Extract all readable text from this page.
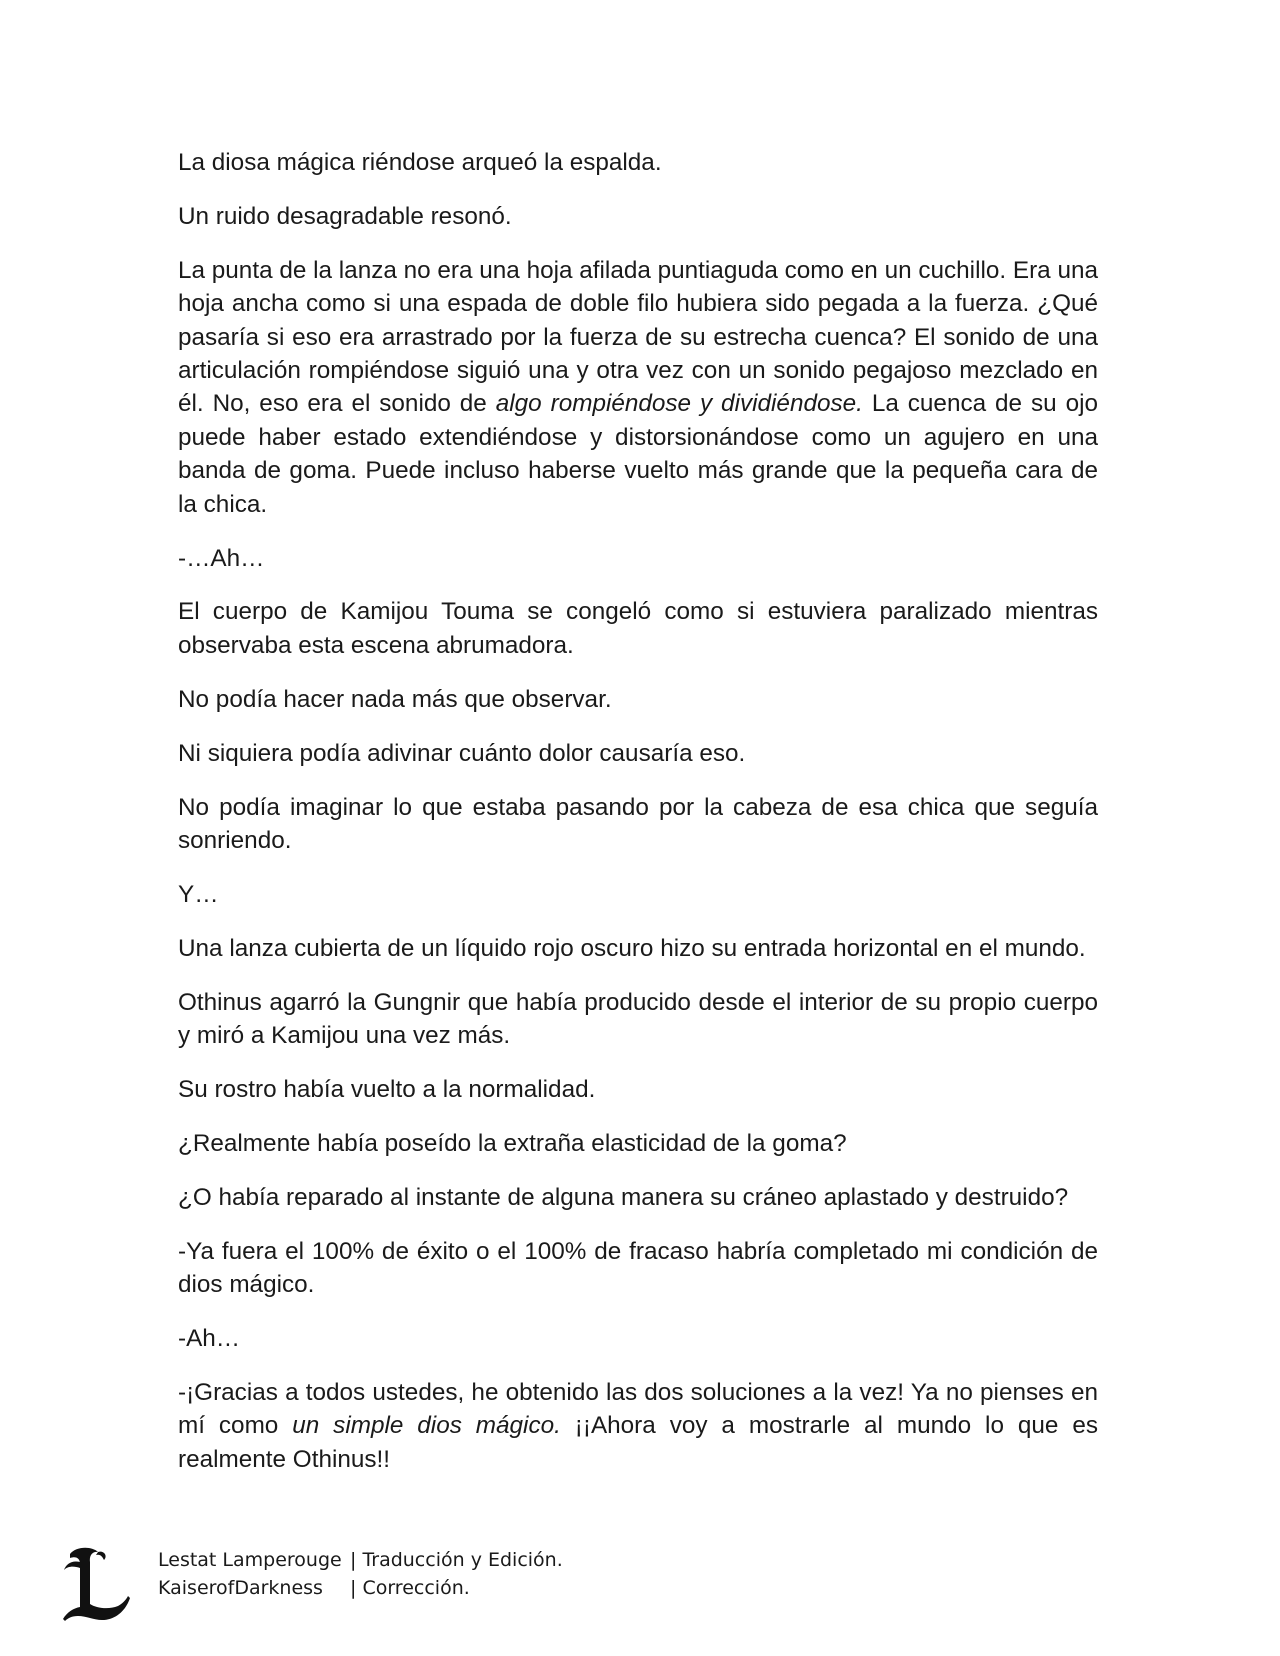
La diosa mágica riéndose arqueó la espalda.

Un ruido desagradable resonó.

La punta de la lanza no era una hoja afilada puntiaguda como en un cuchillo. Era una hoja ancha como si una espada de doble filo hubiera sido pegada a la fuerza. ¿Qué pasaría si eso era arrastrado por la fuerza de su estrecha cuenca? El sonido de una articulación rompiéndose siguió una y otra vez con un sonido pegajoso mezclado en él. No, eso era el sonido de algo rompiéndose y dividiéndose. La cuenca de su ojo puede haber estado extendiéndose y distorsionándose como un agujero en una banda de goma. Puede incluso haberse vuelto más grande que la pequeña cara de la chica.

-…Ah…

El cuerpo de Kamijou Touma se congeló como si estuviera paralizado mientras observaba esta escena abrumadora.

No podía hacer nada más que observar.

Ni siquiera podía adivinar cuánto dolor causaría eso.

No podía imaginar lo que estaba pasando por la cabeza de esa chica que seguía sonriendo.

Y…

Una lanza cubierta de un líquido rojo oscuro hizo su entrada horizontal en el mundo.

Othinus agarró la Gungnir que había producido desde el interior de su propio cuerpo y miró a Kamijou una vez más.

Su rostro había vuelto a la normalidad.

¿Realmente había poseído la extraña elasticidad de la goma?

¿O había reparado al instante de alguna manera su cráneo aplastado y destruido?

-Ya fuera el 100% de éxito o el 100% de fracaso habría completado mi condición de dios mágico.

-Ah…

-¡Gracias a todos ustedes, he obtenido las dos soluciones a la vez! Ya no pienses en mí como un simple dios mágico. ¡¡Ahora voy a mostrarle al mundo lo que es realmente Othinus!!

Lestat Lamperouge | Traducción y Edición.
KaiserofDarkness | Corrección.
